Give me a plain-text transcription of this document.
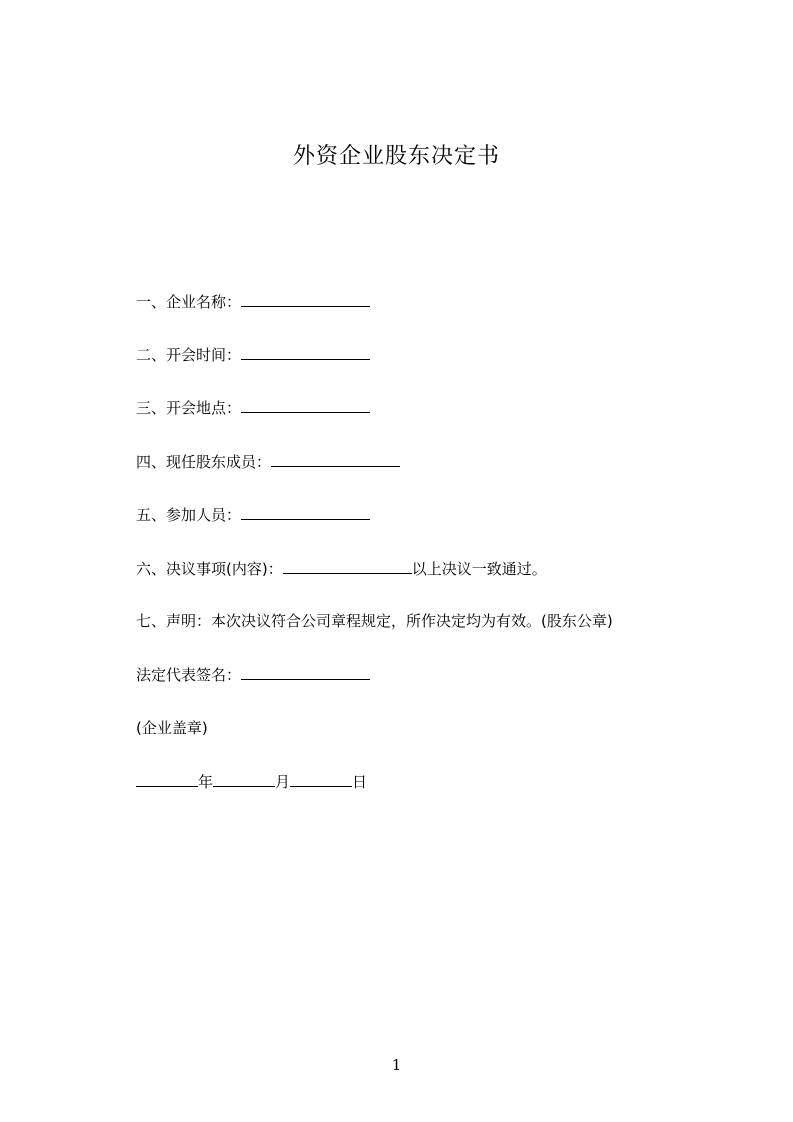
外资企业股东决定书
一、企业名称：
二、开会时间：
三、开会地点：
四、现任股东成员：
五、参加人员：
六、决议事项(内容)：	以上决议一致通过。
七、声明：本次决议符合公司章程规定，所作决定均为有效。(股东公章)
法定代表签名：
(企业盖章)
年	月	日
1
